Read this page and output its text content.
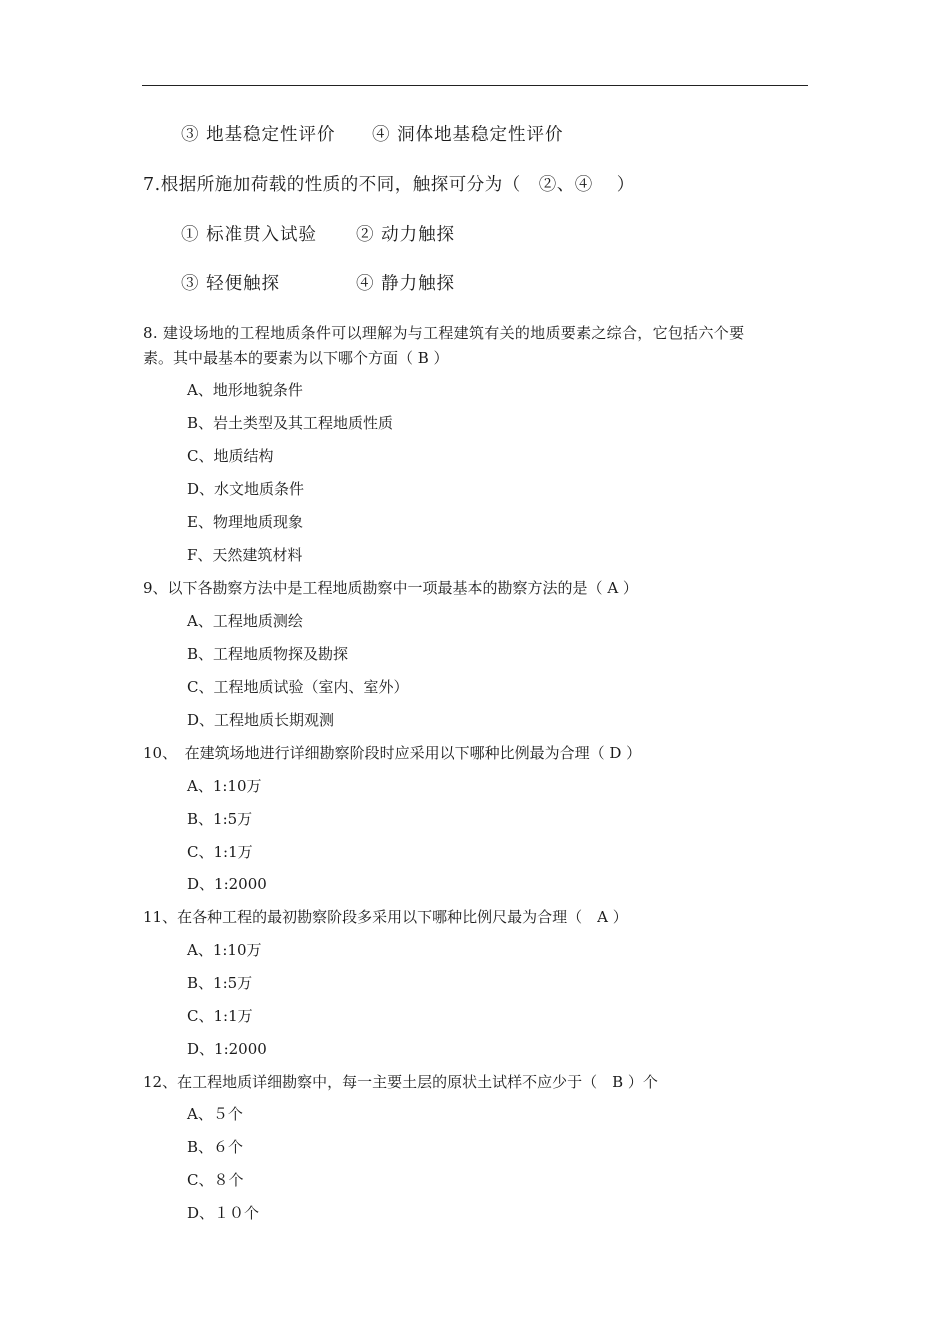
③ 地基稳定性评价 ④ 洞体地基稳定性评价
7.根据所施加荷载的性质的不同，触探可分为（　②、④　 ）
① 标准贯入试验 ② 动力触探
③ 轻便触探	④ 静力触探
8. 建设场地的工程地质条件可以理解为与工程建筑有关的地质要素之综合，它包括六个要
素。其中最基本的要素为以下哪个方面（ B ）
A、地形地貌条件
B、岩土类型及其工程地质性质
C、地质结构
D、水文地质条件
E、物理地质现象
F、天然建筑材料
9、以下各勘察方法中是工程地质勘察中一项最基本的勘察方法的是（ A ）
A、工程地质测绘
B、工程地质物探及勘探
C、工程地质试验（室内、室外）
D、工程地质长期观测
10、　在建筑场地进行详细勘察阶段时应采用以下哪种比例最为合理（ D ）
A、1:10万
B、1:5万
C、1:1万
D、1:2000
11、在各种工程的最初勘察阶段多采用以下哪种比例尺最为合理（　A ）
A、1:10万
B、1:5万
C、1:1万
D、1:2000
12、在工程地质详细勘察中，每一主要土层的原状土试样不应少于（　B ）个
A、５个
B、６个
C、８个
D、１０个
